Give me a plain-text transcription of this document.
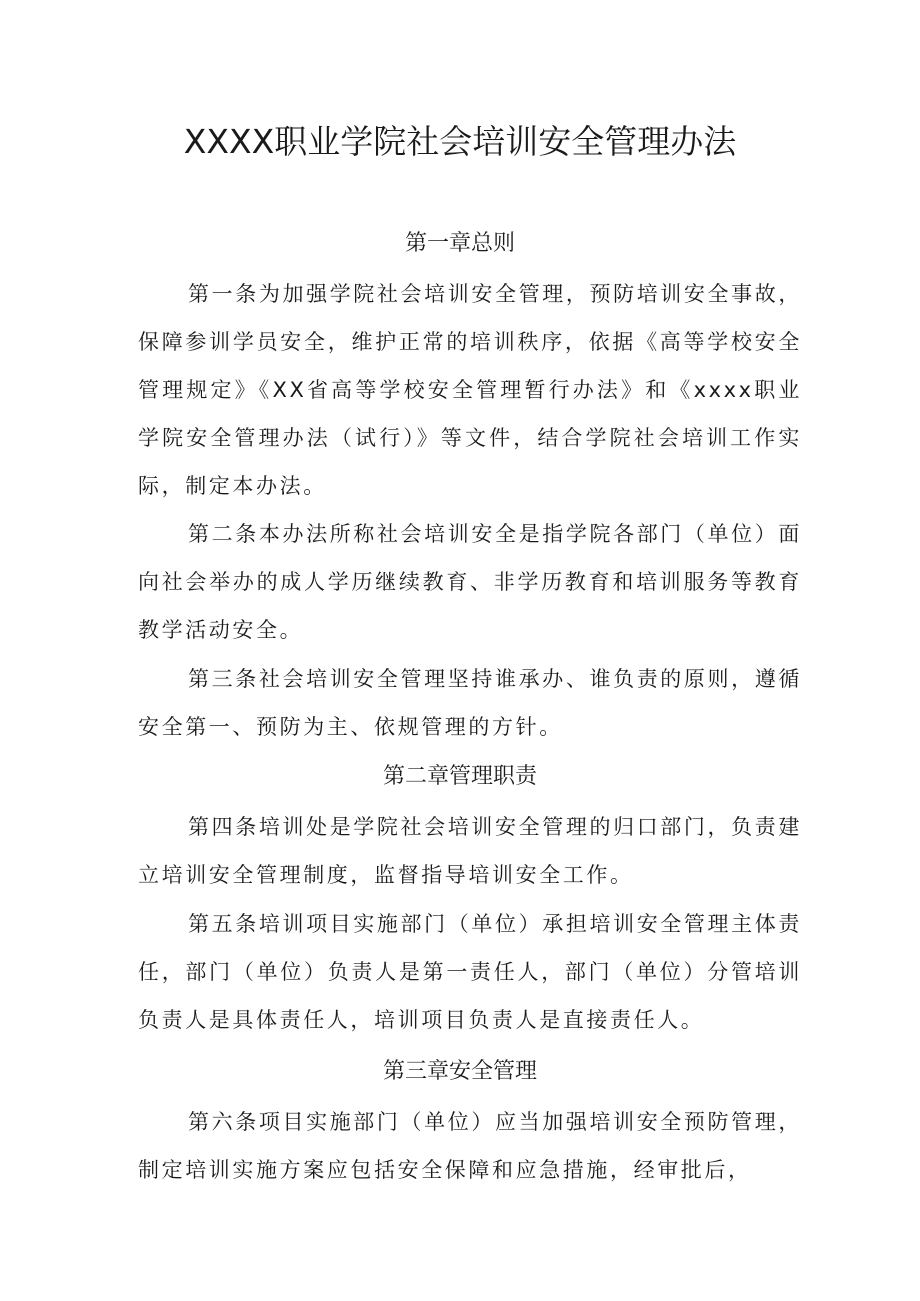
XXXX职业学院社会培训安全管理办法
第一章总则

第一条为加强学院社会培训安全管理，预防培训安全事故，保障参训学员安全，维护正常的培训秩序，依据《高等学校安全管理规定》《XX省高等学校安全管理暂行办法》和《xxxx职业学院安全管理办法（试行）》等文件，结合学院社会培训工作实际，制定本办法。

第二条本办法所称社会培训安全是指学院各部门（单位）面向社会举办的成人学历继续教育、非学历教育和培训服务等教育教学活动安全。

第三条社会培训安全管理坚持谁承办、谁负责的原则，遵循安全第一、预防为主、依规管理的方针。

第二章管理职责

第四条培训处是学院社会培训安全管理的归口部门，负责建立培训安全管理制度，监督指导培训安全工作。

第五条培训项目实施部门（单位）承担培训安全管理主体责任，部门（单位）负责人是第一责任人，部门（单位）分管培训负责人是具体责任人，培训项目负责人是直接责任人。

第三章安全管理

第六条项目实施部门（单位）应当加强培训安全预防管理，制定培训实施方案应包括安全保障和应急措施，经审批后，
